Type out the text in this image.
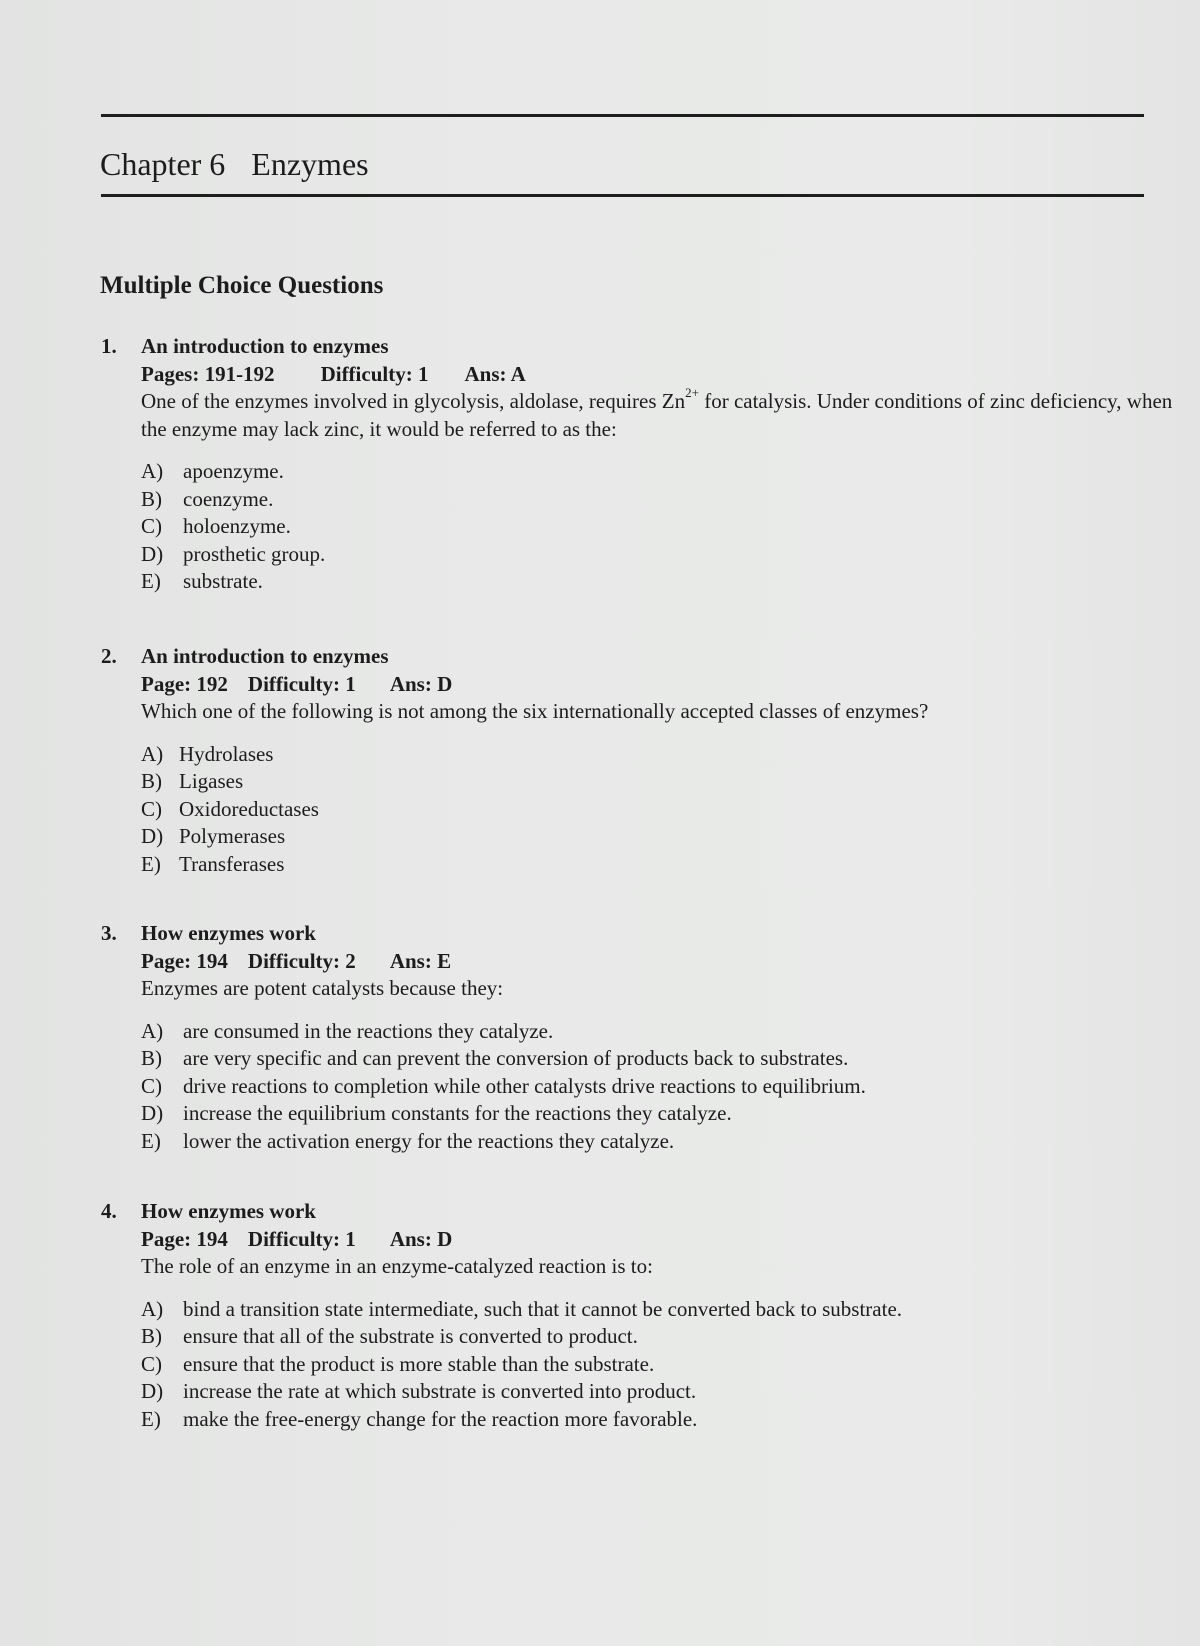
Chapter 6 Enzymes
Multiple Choice Questions
1. An introduction to enzymes
Pages: 191-192 Difficulty: 1 Ans: A

One of the enzymes involved in glycolysis, aldolase, requires $Zn^{2+}$ for catalysis. Under conditions of zinc deficiency, when the enzyme may lack zinc, it would be referred to as the:

A) apoenzyme.
B) coenzyme.
C) holoenzyme.
D) prosthetic group.
E) substrate.
2. An introduction to enzymes
Page: 192 Difficulty: 1 Ans: D

Which one of the following is not among the six internationally accepted classes of enzymes?

A) Hydrolases
B) Ligases
C) Oxidoreductases
D) Polymerases
E) Transferases
3. How enzymes work
Page: 194 Difficulty: 2 Ans: E

Enzymes are potent catalysts because they:

A) are consumed in the reactions they catalyze.
B) are very specific and can prevent the conversion of products back to substrates.
C) drive reactions to completion while other catalysts drive reactions to equilibrium.
D) increase the equilibrium constants for the reactions they catalyze.
E) lower the activation energy for the reactions they catalyze.
4. How enzymes work
Page: 194 Difficulty: 1 Ans: D

The role of an enzyme in an enzyme-catalyzed reaction is to:

A) bind a transition state intermediate, such that it cannot be converted back to substrate.
B) ensure that all of the substrate is converted to product.
C) ensure that the product is more stable than the substrate.
D) increase the rate at which substrate is converted into product.
E) make the free-energy change for the reaction more favorable.
